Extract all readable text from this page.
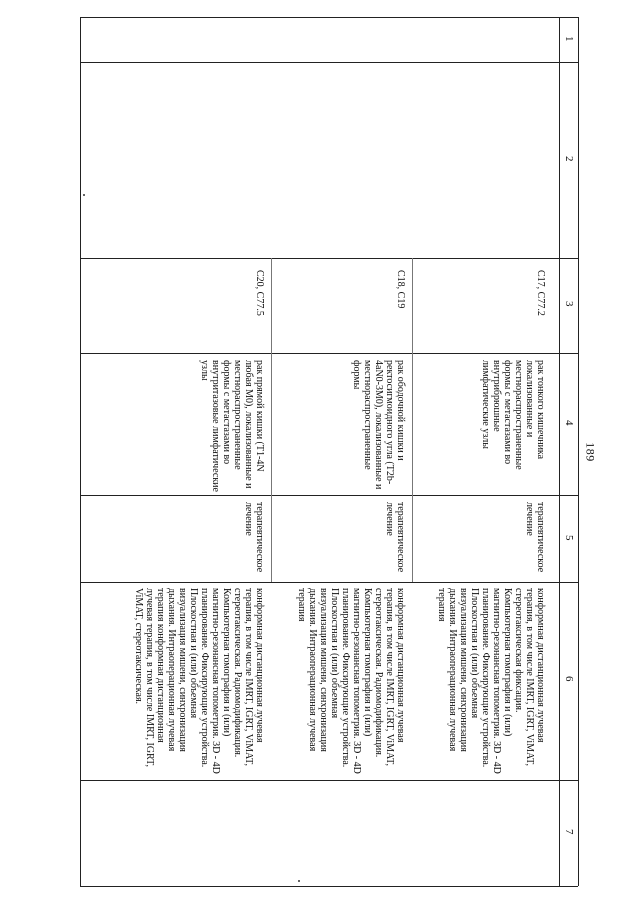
1
2
3
4
5
6
7
C17, C77.2
рак тонкого кишечника локализованные и местнораспространенные формы с метастазами во внутрибрюшные лимфатические узлы
терапевтическое лечение
конформная дистанционная лучевая терапия, в том числе IMRT, IGRT, ViMAT, стереотаксическая фиксация. Компьютерная томография и (или) магнитно-резонансная топометрия. 3D - 4D планирование. Фиксирующие устройства. Плоскостная и (или) объемная визуализация мишени, синхронизация дыхания. Интраоперационная лучевая терапия
C18, C19
рак ободочной кишки и ректосигмоидного угла (T2b-4aN0-3M0), локализованные и местнораспространенные формы
терапевтическое лечение
конформная дистанционная лучевая терапия, в том числе IMRT, IGRT, ViMAT, стереотаксическая. Радиомодификация. Компьютерная томография и (или) магнитно-резонансная топометрия. 3D - 4D планирование. Фиксирующие устройства. Плоскостная и (или) объемная визуализация мишени, синхронизация дыхания. Интраоперационная лучевая терапия
C20, C77.5
рак прямой кишки (T1-4N любая M0), локализованные и местнораспространенные формы с метастазами во внутритазовые лимфатические узлы
терапевтическое лечение
конформная дистанционная лучевая терапия, в том числе IMRT, IGRT, ViMAT, стереотаксическая. Радиомодификация. Компьютерная томография и (или) магнитно-резонансная топометрия. 3D - 4D планирование. Фиксирующие устройства. Плоскостная и (или) объемная визуализация мишени, синхронизация дыхания. Интраоперационная лучевая терапия конформная дистанционная лучевая терапия, в том числе IMRT, IGRT, ViMAT, стереотаксическая.
189
